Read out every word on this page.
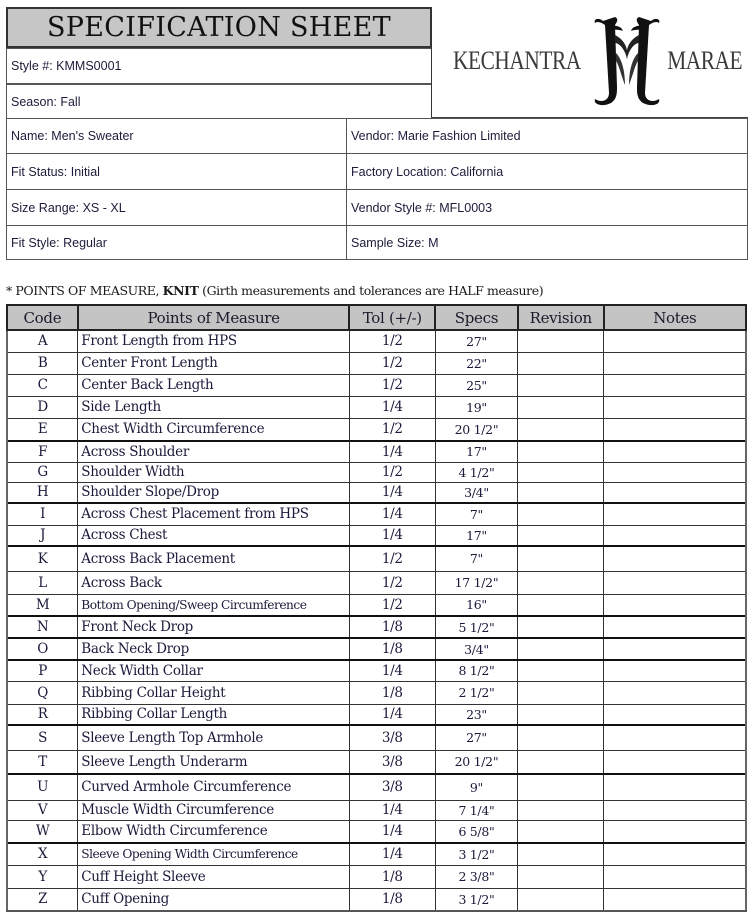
SPECIFICATION SHEET
Style #: KMMS0001
Season: Fall
KECHANTRA	MARAE
Name: Men's Sweater	Vendor: Marie Fashion Limited
Fit Status: Initial	Factory Location: California
Size Range: XS - XL	Vendor Style #: MFL0003
Fit Style: Regular	Sample Size: M
* POINTS OF MEASURE, KNIT (Girth measurements and tolerances are HALF measure)
Code	Points of Measure	Tol (+/-)	Specs	Revision	Notes
A	Front Length from HPS	1/2	27"		
B	Center Front Length	1/2	22"		
C	Center Back Length	1/2	25"		
D	Side Length	1/4	19"		
E	Chest Width Circumference	1/2	20 1/2"		
F	Across Shoulder	1/4	17"		
G	Shoulder Width	1/2	4 1/2"		
H	Shoulder Slope/Drop	1/4	3/4"		
I	Across Chest Placement from HPS	1/4	7"		
J	Across Chest	1/4	17"		
K	Across Back Placement	1/2	7"		
L	Across Back	1/2	17 1/2"		
M	Bottom Opening/Sweep Circumference	1/2	16"		
N	Front Neck Drop	1/8	5 1/2"		
O	Back Neck Drop	1/8	3/4"		
P	Neck Width Collar	1/4	8 1/2"		
Q	Ribbing Collar Height	1/8	2 1/2"		
R	Ribbing Collar Length	1/4	23"		
S	Sleeve Length Top Armhole	3/8	27"		
T	Sleeve Length Underarm	3/8	20 1/2"		
U	Curved Armhole Circumference	3/8	9"		
V	Muscle Width Circumference	1/4	7 1/4"		
W	Elbow Width Circumference	1/4	6 5/8"		
X	Sleeve Opening Width Circumference	1/4	3 1/2"		
Y	Cuff Height Sleeve	1/8	2 3/8"		
Z	Cuff Opening	1/8	3 1/2"		
